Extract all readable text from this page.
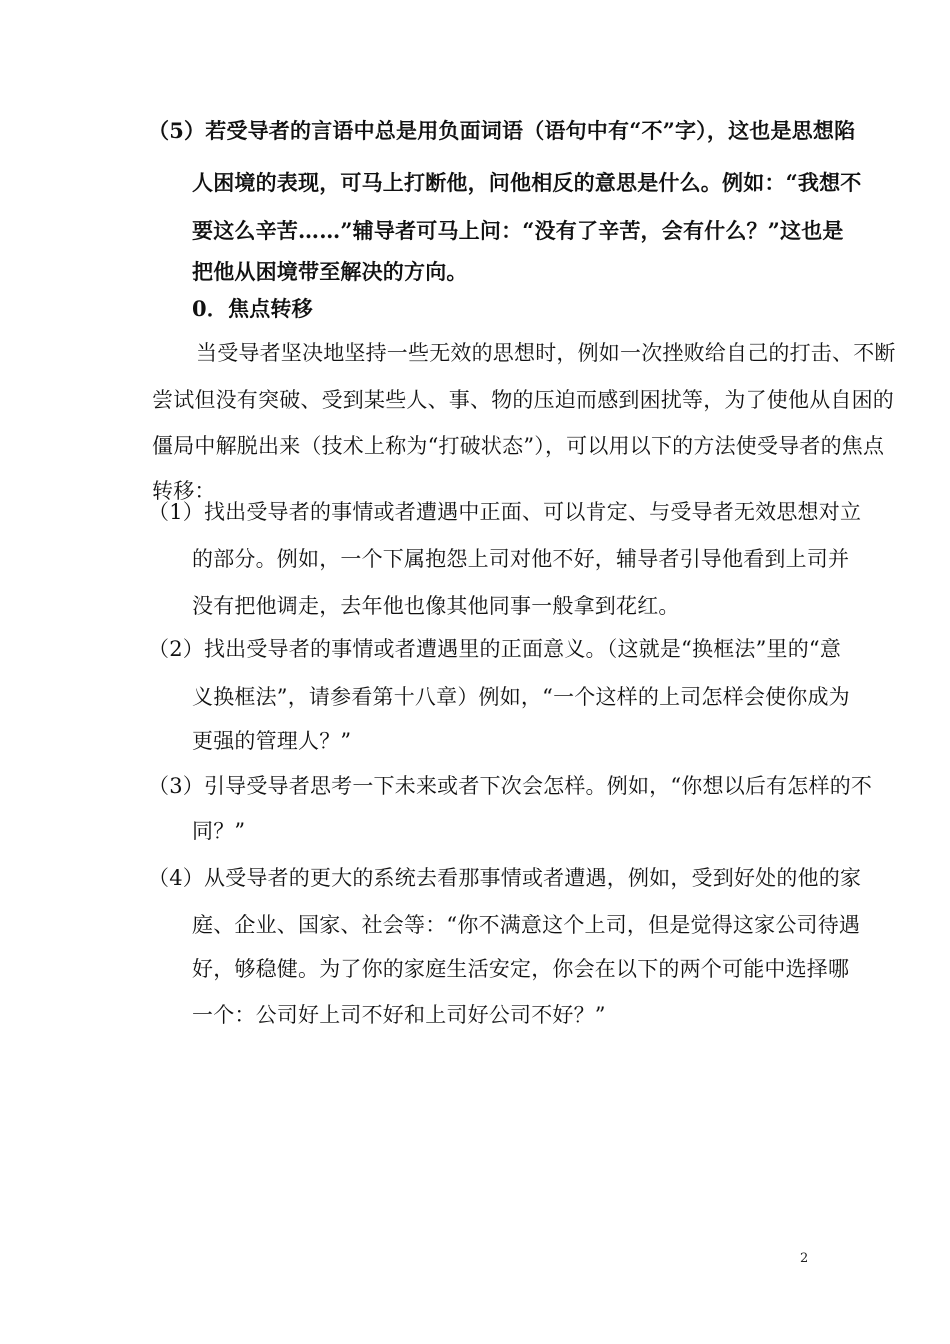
（5）若受导者的言语中总是用负面词语（语句中有“不”字），这也是思想陷
人困境的表现，可马上打断他，问他相反的意思是什么。例如：“我想不
要这么辛苦……”辅导者可马上问：“没有了辛苦，会有什么？”这也是
把他从困境带至解决的方向。
0．焦点转移
当受导者坚决地坚持一些无效的思想时，例如一次挫败给自己的打击、不断
尝试但没有突破、受到某些人、事、物的压迫而感到困扰等，为了使他从自困的
僵局中解脱出来（技术上称为“打破状态”），可以用以下的方法使受导者的焦点
转移：
（1）找出受导者的事情或者遭遇中正面、可以肯定、与受导者无效思想对立
的部分。例如，一个下属抱怨上司对他不好，辅导者引导他看到上司并
没有把他调走，去年他也像其他同事一般拿到花红。
（2）找出受导者的事情或者遭遇里的正面意义。（这就是“换框法”里的“意
义换框法”，请参看第十八章）例如，“一个这样的上司怎样会使你成为
更强的管理人？”
（3）引导受导者思考一下未来或者下次会怎样。例如，“你想以后有怎样的不
同？”
（4）从受导者的更大的系统去看那事情或者遭遇，例如，受到好处的他的家
庭、企业、国家、社会等：“你不满意这个上司，但是觉得这家公司待遇
好，够稳健。为了你的家庭生活安定，你会在以下的两个可能中选择哪
一个：公司好上司不好和上司好公司不好？”
2
